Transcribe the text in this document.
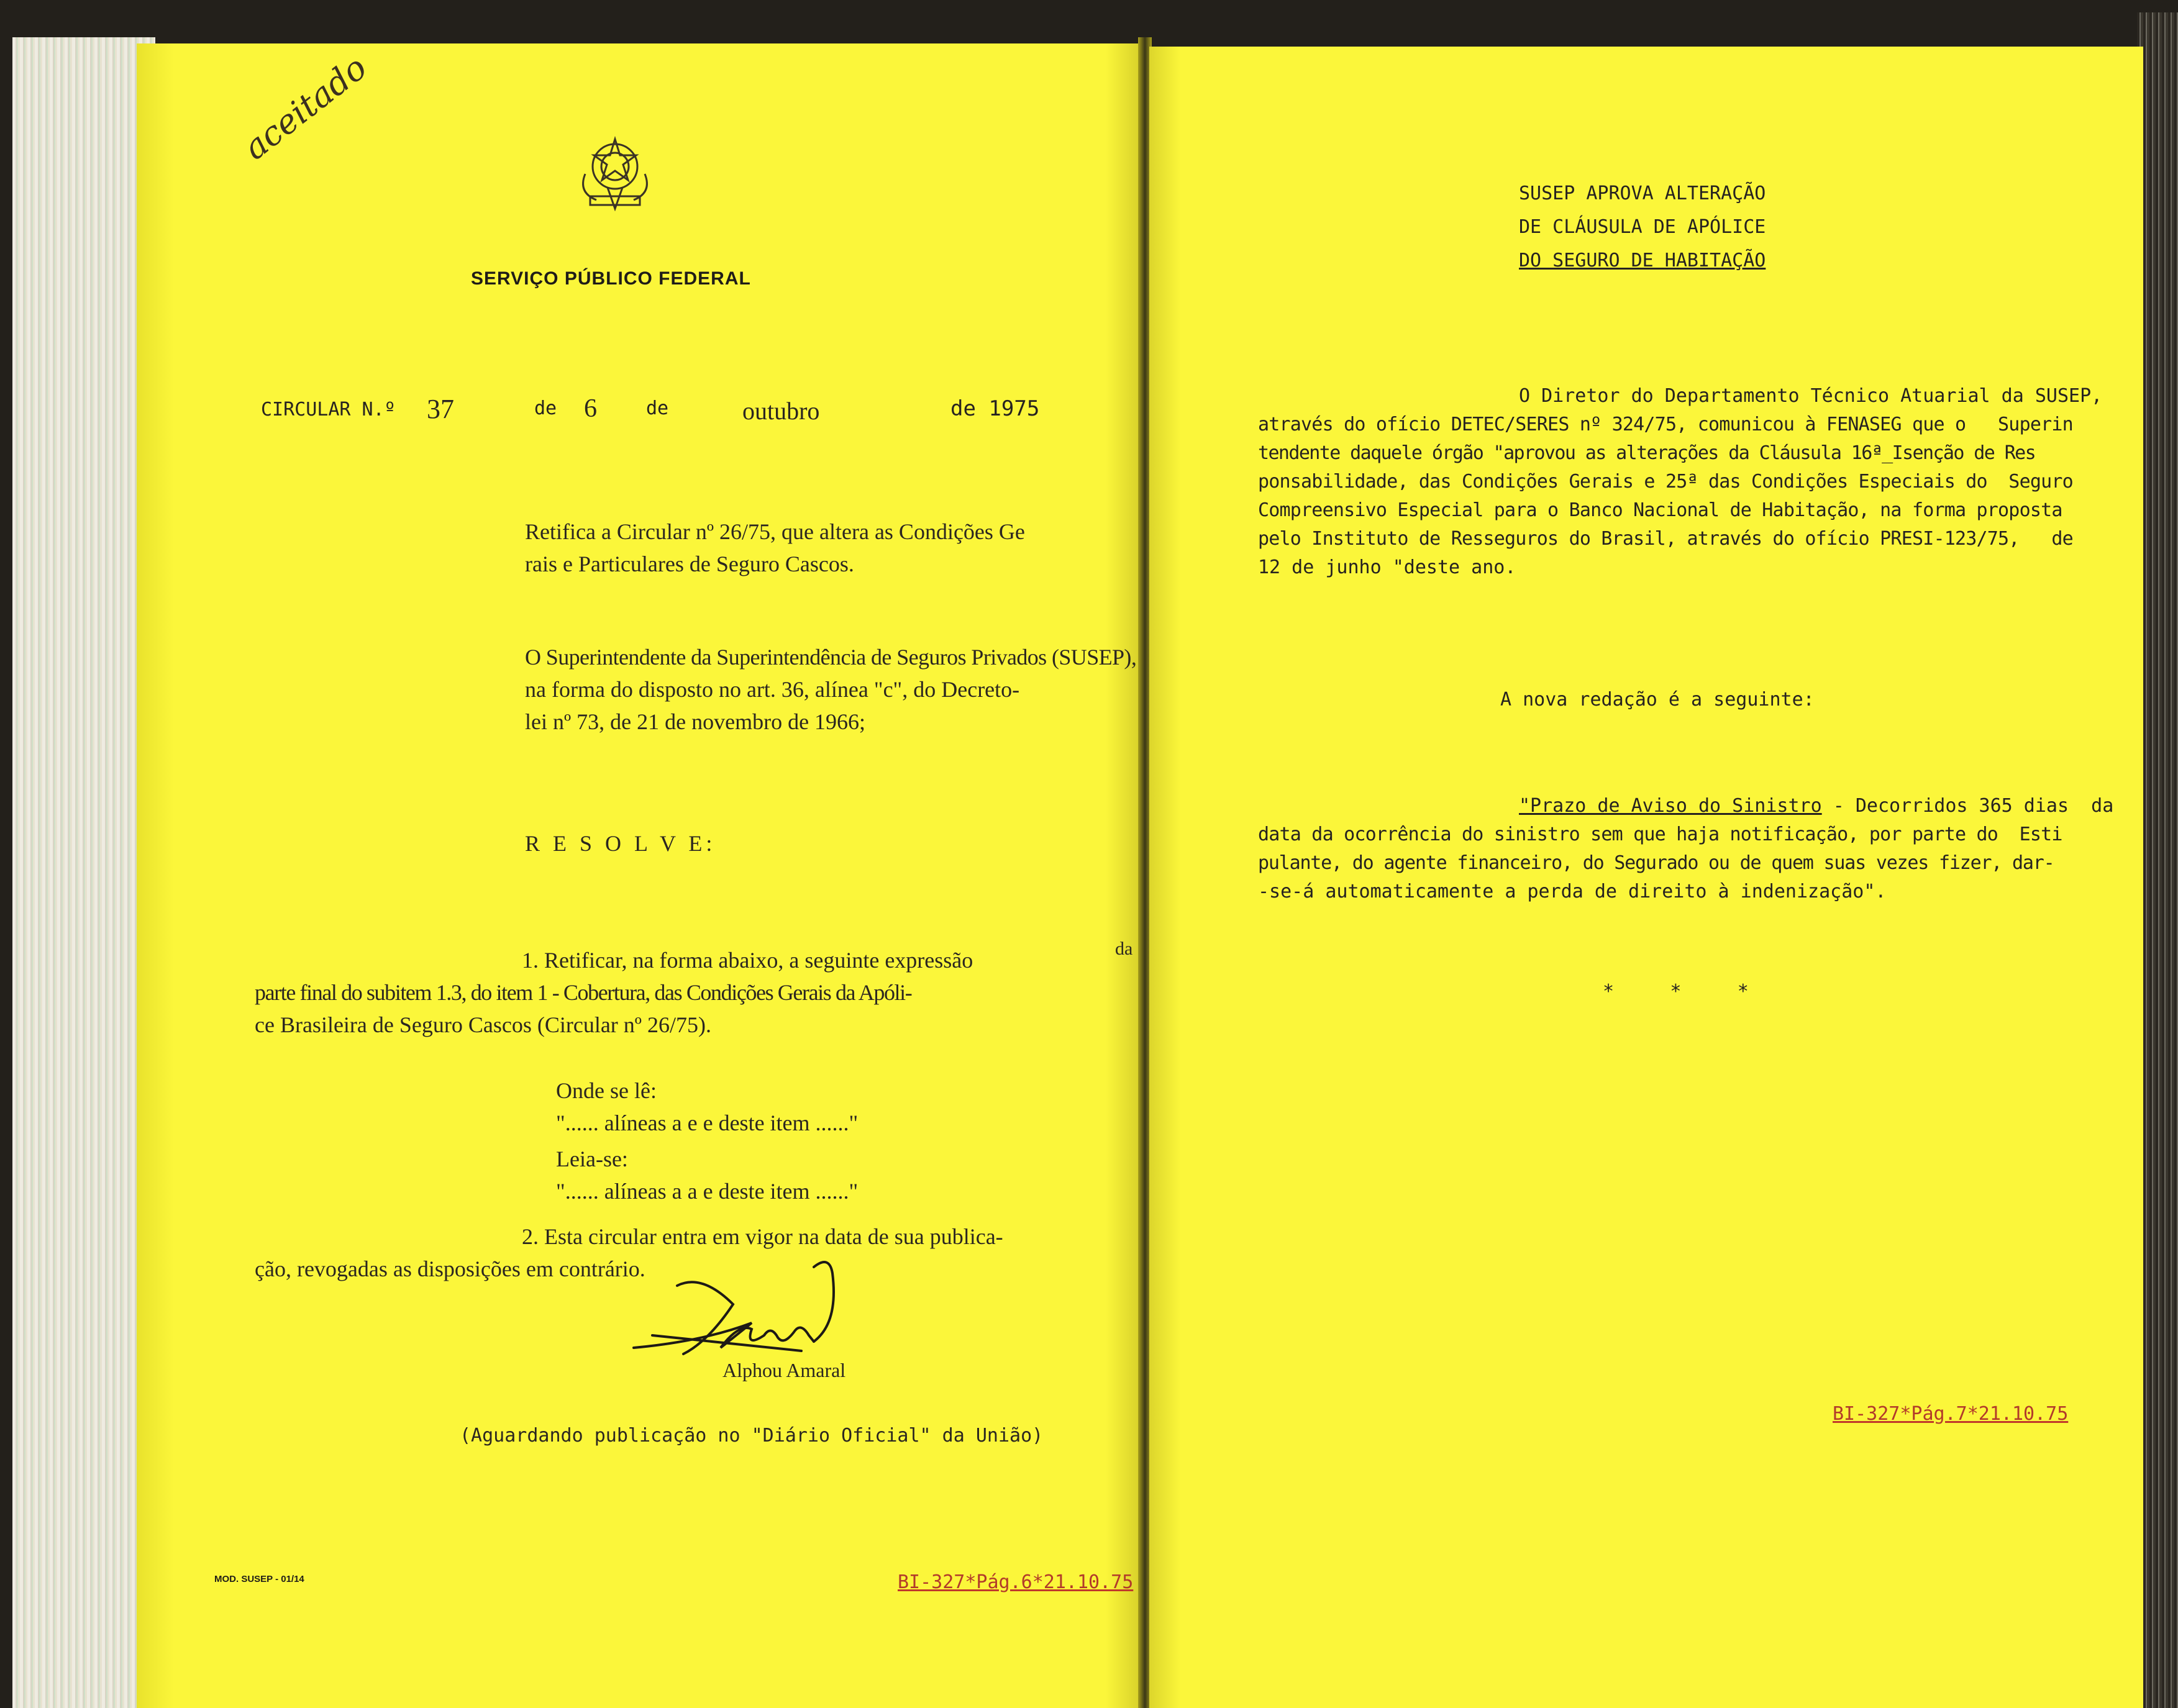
aceitado
SERVIÇO PÚBLICO FEDERAL
CIRCULAR N.º 37	de 6	de	outubro	de 1975
Retifica a Circular nº 26/75, que altera as Condições Ge
rais e Particulares de Seguro Cascos.
O Superintendente da Superintendência de Seguros Privados (SUSEP),
na forma do disposto no art. 36, alínea "c", do Decreto-
lei nº 73, de 21 de novembro de 1966;
R E S O L V E:
1. Retificar, na forma abaixo, a seguinte expressão
parte final do subitem 1.3, do item 1 - Cobertura, das Condições Gerais da Apóli-
ce Brasileira de Seguro Cascos (Circular nº 26/75).
da
Onde se lê:
"...... alíneas a e e deste item ......"
Leia-se:
"...... alíneas a a e deste item ......"
2. Esta circular entra em vigor na data de sua publica-
ção, revogadas as disposições em contrário.
Alphou Amaral
(Aguardando publicação no "Diário Oficial" da União)
MOD. SUSEP - 01/14	BI-327*Pág.6*21.10.75
SUSEP APROVA ALTERAÇÃO
DE CLÁUSULA DE APÓLICE
DO SEGURO DE HABITAÇÃO
O Diretor do Departamento Técnico Atuarial da SUSEP,
através do ofício DETEC/SERES nº 324/75, comunicou à FENASEG que o   Superin
tendente daquele órgão "aprovou as alterações da Cláusula 16ª_Isenção de Res
ponsabilidade, das Condições Gerais e 25ª das Condições Especiais do  Seguro
Compreensivo Especial para o Banco Nacional de Habitação, na forma proposta
pelo Instituto de Resseguros do Brasil, através do ofício PRESI-123/75,   de
12 de junho "deste ano.
A nova redação é a seguinte:
"Prazo de Aviso do Sinistro - Decorridos 365 dias  da
data da ocorrência do sinistro sem que haja notificação, por parte do  Esti
pulante, do agente financeiro, do Segurado ou de quem suas vezes fizer, dar-
-se-á automaticamente a perda de direito à indenização".
*     *     *
BI-327*Pág.7*21.10.75
